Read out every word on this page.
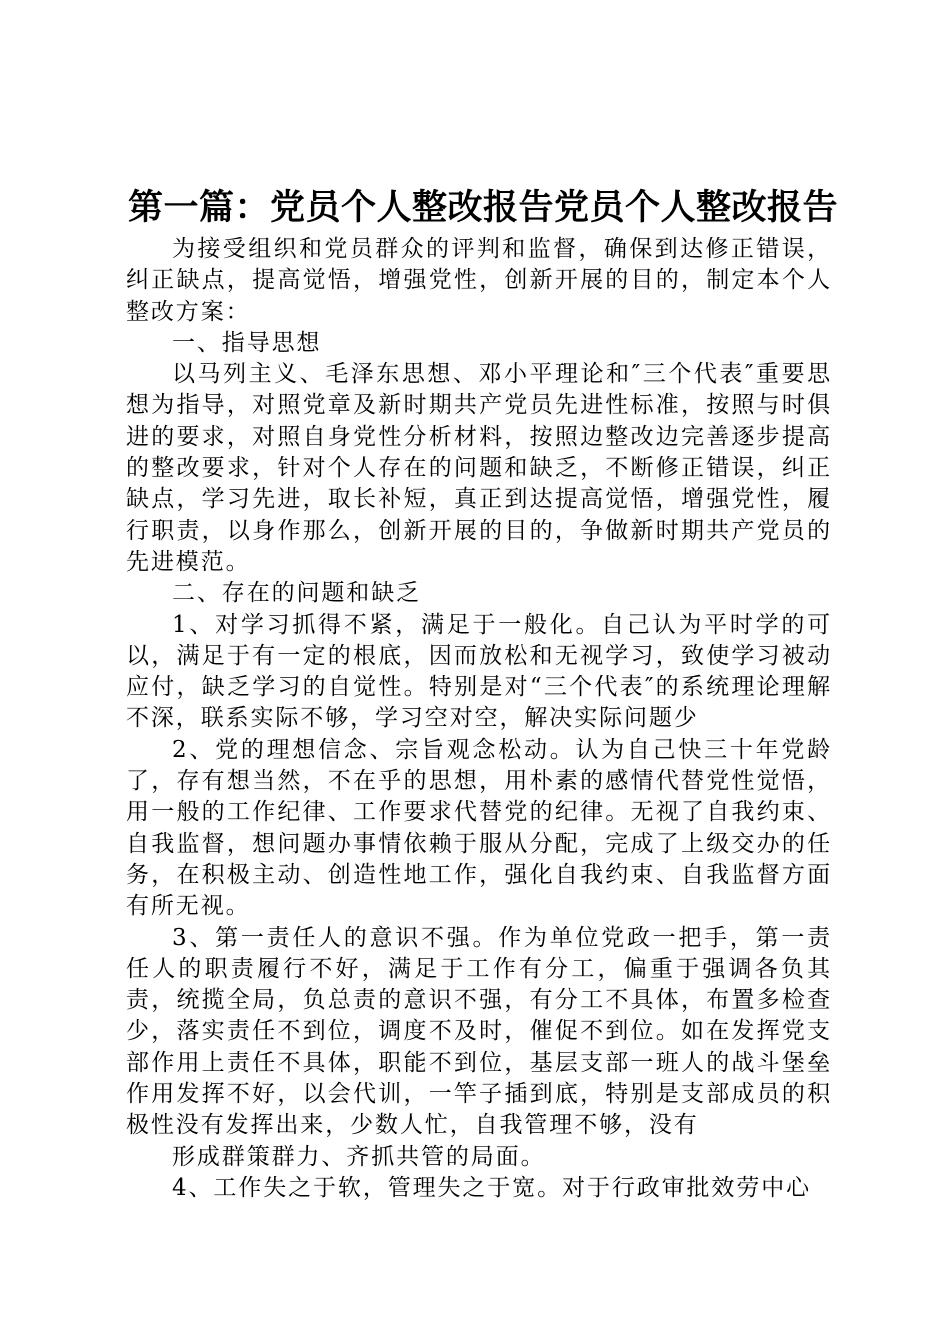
第一篇：党员个人整改报告党员个人整改报告

为接受组织和党员群众的评判和监督，确保到达修正错误，纠正缺点，提高觉悟，增强党性，创新开展的目的，制定本个人整改方案：

一、指导思想

以马列主义、毛泽东思想、邓小平理论和″三个代表″重要思想为指导，对照党章及新时期共产党员先进性标准，按照与时俱进的要求，对照自身党性分析材料，按照边整改边完善逐步提高的整改要求，针对个人存在的问题和缺乏，不断修正错误，纠正缺点，学习先进，取长补短，真正到达提高觉悟，增强党性，履行职责，以身作那么，创新开展的目的，争做新时期共产党员的先进模范。

二、存在的问题和缺乏

1、对学习抓得不紧，满足于一般化。自己认为平时学的可以，满足于有一定的根底，因而放松和无视学习，致使学习被动应付，缺乏学习的自觉性。特别是对“三个代表″的系统理论理解不深，联系实际不够，学习空对空，解决实际问题少

2、党的理想信念、宗旨观念松动。认为自己快三十年党龄了，存有想当然，不在乎的思想，用朴素的感情代替党性觉悟，用一般的工作纪律、工作要求代替党的纪律。无视了自我约束、自我监督，想问题办事情依赖于服从分配，完成了上级交办的任务，在积极主动、创造性地工作，强化自我约束、自我监督方面有所无视。

3、第一责任人的意识不强。作为单位党政一把手，第一责任人的职责履行不好，满足于工作有分工，偏重于强调各负其责，统揽全局，负总责的意识不强，有分工不具体，布置多检查少，落实责任不到位，调度不及时，催促不到位。如在发挥党支部作用上责任不具体，职能不到位，基层支部一班人的战斗堡垒作用发挥不好，以会代训，一竿子插到底，特别是支部成员的积极性没有发挥出来，少数人忙，自我管理不够，没有

形成群策群力、齐抓共管的局面。

4、工作失之于软，管理失之于宽。对于行政审批效劳中心
